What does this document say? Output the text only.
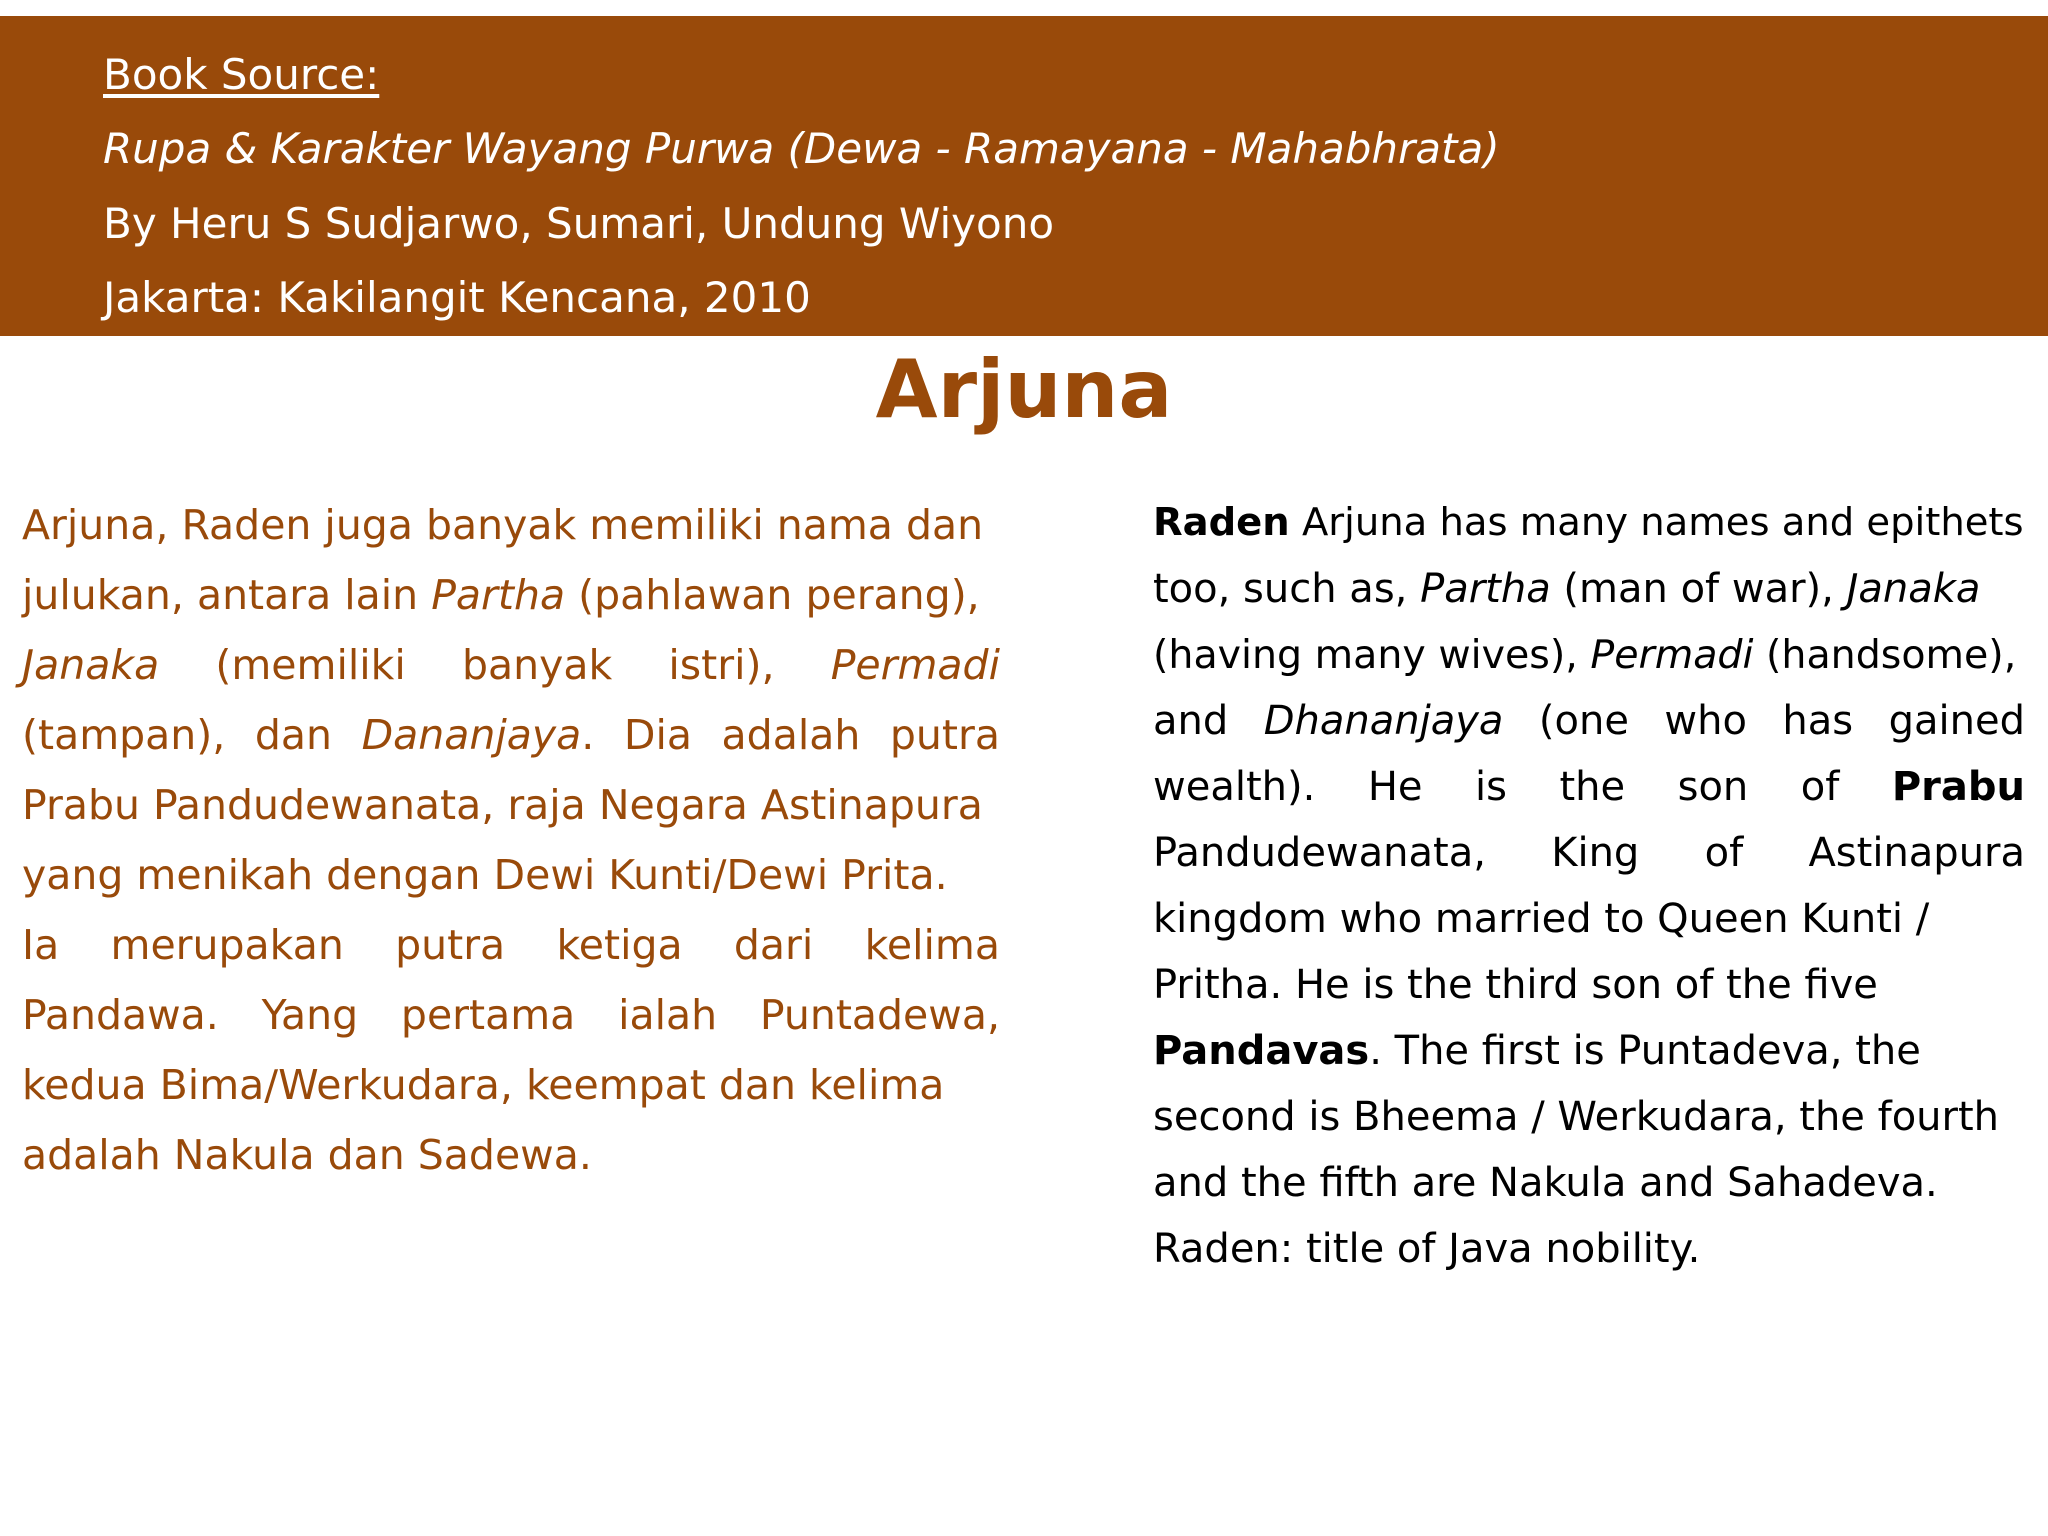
Book Source:
Rupa & Karakter Wayang Purwa (Dewa - Ramayana - Mahabhrata)
By Heru S Sudjarwo, Sumari, Undung Wiyono
Jakarta: Kakilangit Kencana, 2010
Arjuna
Arjuna, Raden juga banyak memiliki nama dan
julukan, antara lain Partha (pahlawan perang),
Janaka (memiliki banyak istri), Permadi
(tampan), dan Dananjaya. Dia adalah putra
Prabu Pandudewanata, raja Negara Astinapura
yang menikah dengan Dewi Kunti/Dewi Prita.
Ia merupakan putra ketiga dari kelima
Pandawa. Yang pertama ialah Puntadewa,
kedua Bima/Werkudara, keempat dan kelima
adalah Nakula dan Sadewa.
Raden Arjuna has many names and epithets
too, such as, Partha (man of war), Janaka
(having many wives), Permadi (handsome),
and Dhananjaya (one who has gained
wealth). He is the son of Prabu
Pandudewanata, King of Astinapura
kingdom who married to Queen Kunti /
Pritha. He is the third son of the five
Pandavas. The first is Puntadeva, the
second is Bheema / Werkudara, the fourth
and the fifth are Nakula and Sahadeva.
Raden: title of Java nobility.
